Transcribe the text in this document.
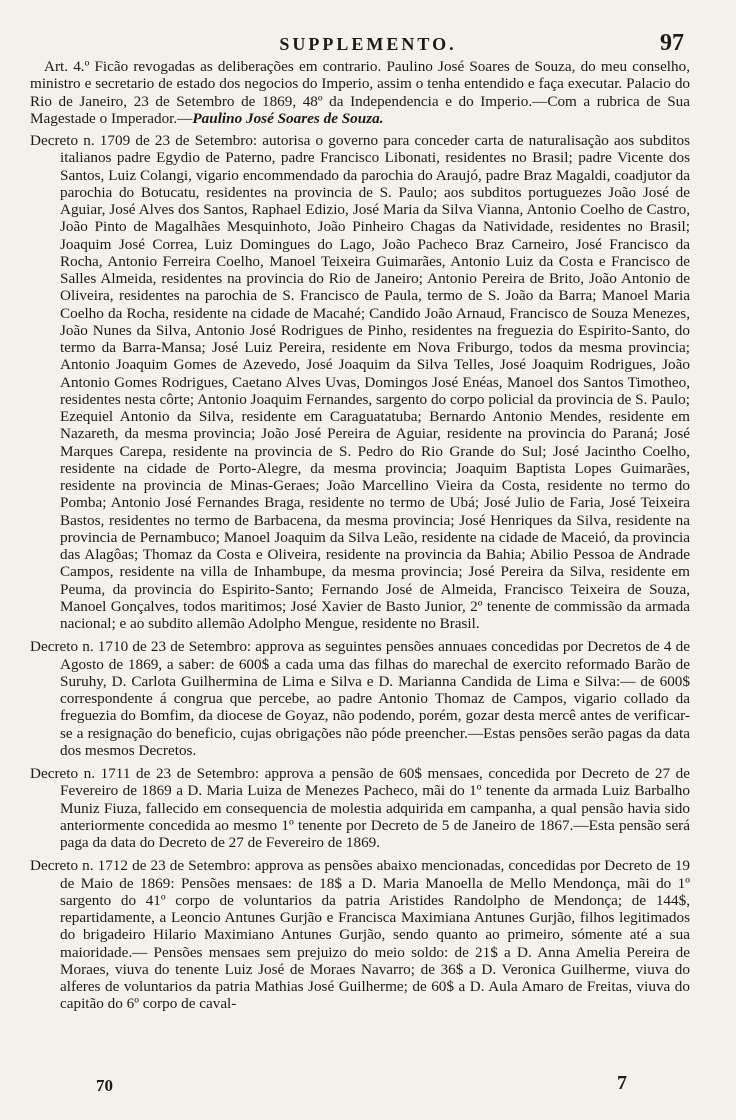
SUPPLEMENTO.	97

Art. 4.º Ficão revogadas as deliberações em contrario. Paulino José Soares de Souza, do meu conselho, ministro e secretario de estado dos negocios do Imperio, assim o tenha entendido e faça executar. Palacio do Rio de Janeiro, 23 de Setembro de 1869, 48º da Independencia e do Imperio.—Com a rubrica de Sua Magestade o Imperador.—Paulino José Soares de Souza.

Decreto n. 1709 de 23 de Setembro: autorisa o governo para conceder carta de naturalisação aos subditos italianos padre Egydio de Paterno, padre Francisco Libonati, residentes no Brasil; padre Vicente dos Santos, Luiz Colangi, vigario encommendado da parochia do Araujó, padre Braz Magaldi, coadjutor da parochia do Botucatu, residentes na provincia de S. Paulo; aos subditos portuguezes João José de Aguiar, José Alves dos Santos, Raphael Edizio, José Maria da Silva Vianna, Antonio Coelho de Castro, João Pinto de Magalhães Mesquinhoto, João Pinheiro Chagas da Natividade, residentes no Brasil; Joaquim José Correa, Luiz Domingues do Lago, João Pacheco Braz Carneiro, José Francisco da Rocha, Antonio Ferreira Coelho, Manoel Teixeira Guimarães, Antonio Luiz da Costa e Francisco de Salles Almeida, residentes na provincia do Rio de Janeiro; Antonio Pereira de Brito, João Antonio de Oliveira, residentes na parochia de S. Francisco de Paula, termo de S. João da Barra; Manoel Maria Coelho da Rocha, residente na cidade de Macahé; Candido João Arnaud, Francisco de Souza Menezes, João Nunes da Silva, Antonio José Rodrigues de Pinho, residentes na freguezia do Espirito-Santo, do termo da Barra-Mansa; José Luiz Pereira, residente em Nova Friburgo, todos da mesma provincia; Antonio Joaquim Gomes de Azevedo, José Joaquim da Silva Telles, José Joaquim Rodrigues, João Antonio Gomes Rodrigues, Caetano Alves Uvas, Domingos José Enéas, Manoel dos Santos Timotheo, residentes nesta côrte; Antonio Joaquim Fernandes, sargento do corpo policial da provincia de S. Paulo; Ezequiel Antonio da Silva, residente em Caraguatatuba; Bernardo Antonio Mendes, residente em Nazareth, da mesma provincia; João José Pereira de Aguiar, residente na provincia do Paraná; José Marques Carepa, residente na provincia de S. Pedro do Rio Grande do Sul; José Jacintho Coelho, residente na cidade de Porto-Alegre, da mesma provincia; Joaquim Baptista Lopes Guimarães, residente na provincia de Minas-Geraes; João Marcellino Vieira da Costa, residente no termo do Pomba; Antonio José Fernandes Braga, residente no termo de Ubá; José Julio de Faria, José Teixeira Bastos, residentes no termo de Barbacena, da mesma provincia; José Henriques da Silva, residente na provincia de Pernambuco; Manoel Joaquim da Silva Leão, residente na cidade de Maceió, da provincia das Alagôas; Thomaz da Costa e Oliveira, residente na provincia da Bahia; Abilio Pessoa de Andrade Campos, residente na villa de Inhambupe, da mesma provincia; José Pereira da Silva, residente em Peuma, da provincia do Espirito-Santo; Fernando José de Almeida, Francisco Teixeira de Souza, Manoel Gonçalves, todos maritimos; José Xavier de Basto Junior, 2º tenente de commissão da armada nacional; e ao subdito allemão Adolpho Mengue, residente no Brasil.

Decreto n. 1710 de 23 de Setembro: approva as seguintes pensões annuaes concedidas por Decretos de 4 de Agosto de 1869, a saber: de 600$ a cada uma das filhas do marechal de exercito reformado Barão de Suruhy, D. Carlota Guilhermina de Lima e Silva e D. Marianna Candida de Lima e Silva:— de 600$ correspondente á congrua que percebe, ao padre Antonio Thomaz de Campos, vigario collado da freguezia do Bomfim, da diocese de Goyaz, não podendo, porém, gozar desta mercê antes de verificar-se a resignação do beneficio, cujas obrigações não póde preencher.—Estas pensões serão pagas da data dos mesmos Decretos.

Decreto n. 1711 de 23 de Setembro: approva a pensão de 60$ mensaes, concedida por Decreto de 27 de Fevereiro de 1869 a D. Maria Luiza de Menezes Pacheco, mãi do 1º tenente da armada Luiz Barbalho Muniz Fiuza, fallecido em consequencia de molestia adquirida em campanha, a qual pensão havia sido anteriormente concedida ao mesmo 1º tenente por Decreto de 5 de Janeiro de 1867.—Esta pensão será paga da data do Decreto de 27 de Fevereiro de 1869.

Decreto n. 1712 de 23 de Setembro: approva as pensões abaixo mencionadas, concedidas por Decreto de 19 de Maio de 1869: Pensões mensaes: de 18$ a D. Maria Manoella de Mello Mendonça, mãi do 1º sargento do 41º corpo de voluntarios da patria Aristides Randolpho de Mendonça; de 144$, repartidamente, a Leoncio Antunes Gurjão e Francisca Maximiana Antunes Gurjão, filhos legitimados do brigadeiro Hilario Maximiano Antunes Gurjão, sendo quanto ao primeiro, sómente até a sua maioridade.— Pensões mensaes sem prejuizo do meio soldo: de 21$ a D. Anna Amelia Pereira de Moraes, viuva do tenente Luiz José de Moraes Navarro; de 36$ a D. Veronica Guilherme, viuva do alferes de voluntarios da patria Mathias José Guilherme; de 60$ a D. Aula Amaro de Freitas, viuva do capitão do 6º corpo de caval-

70	7
